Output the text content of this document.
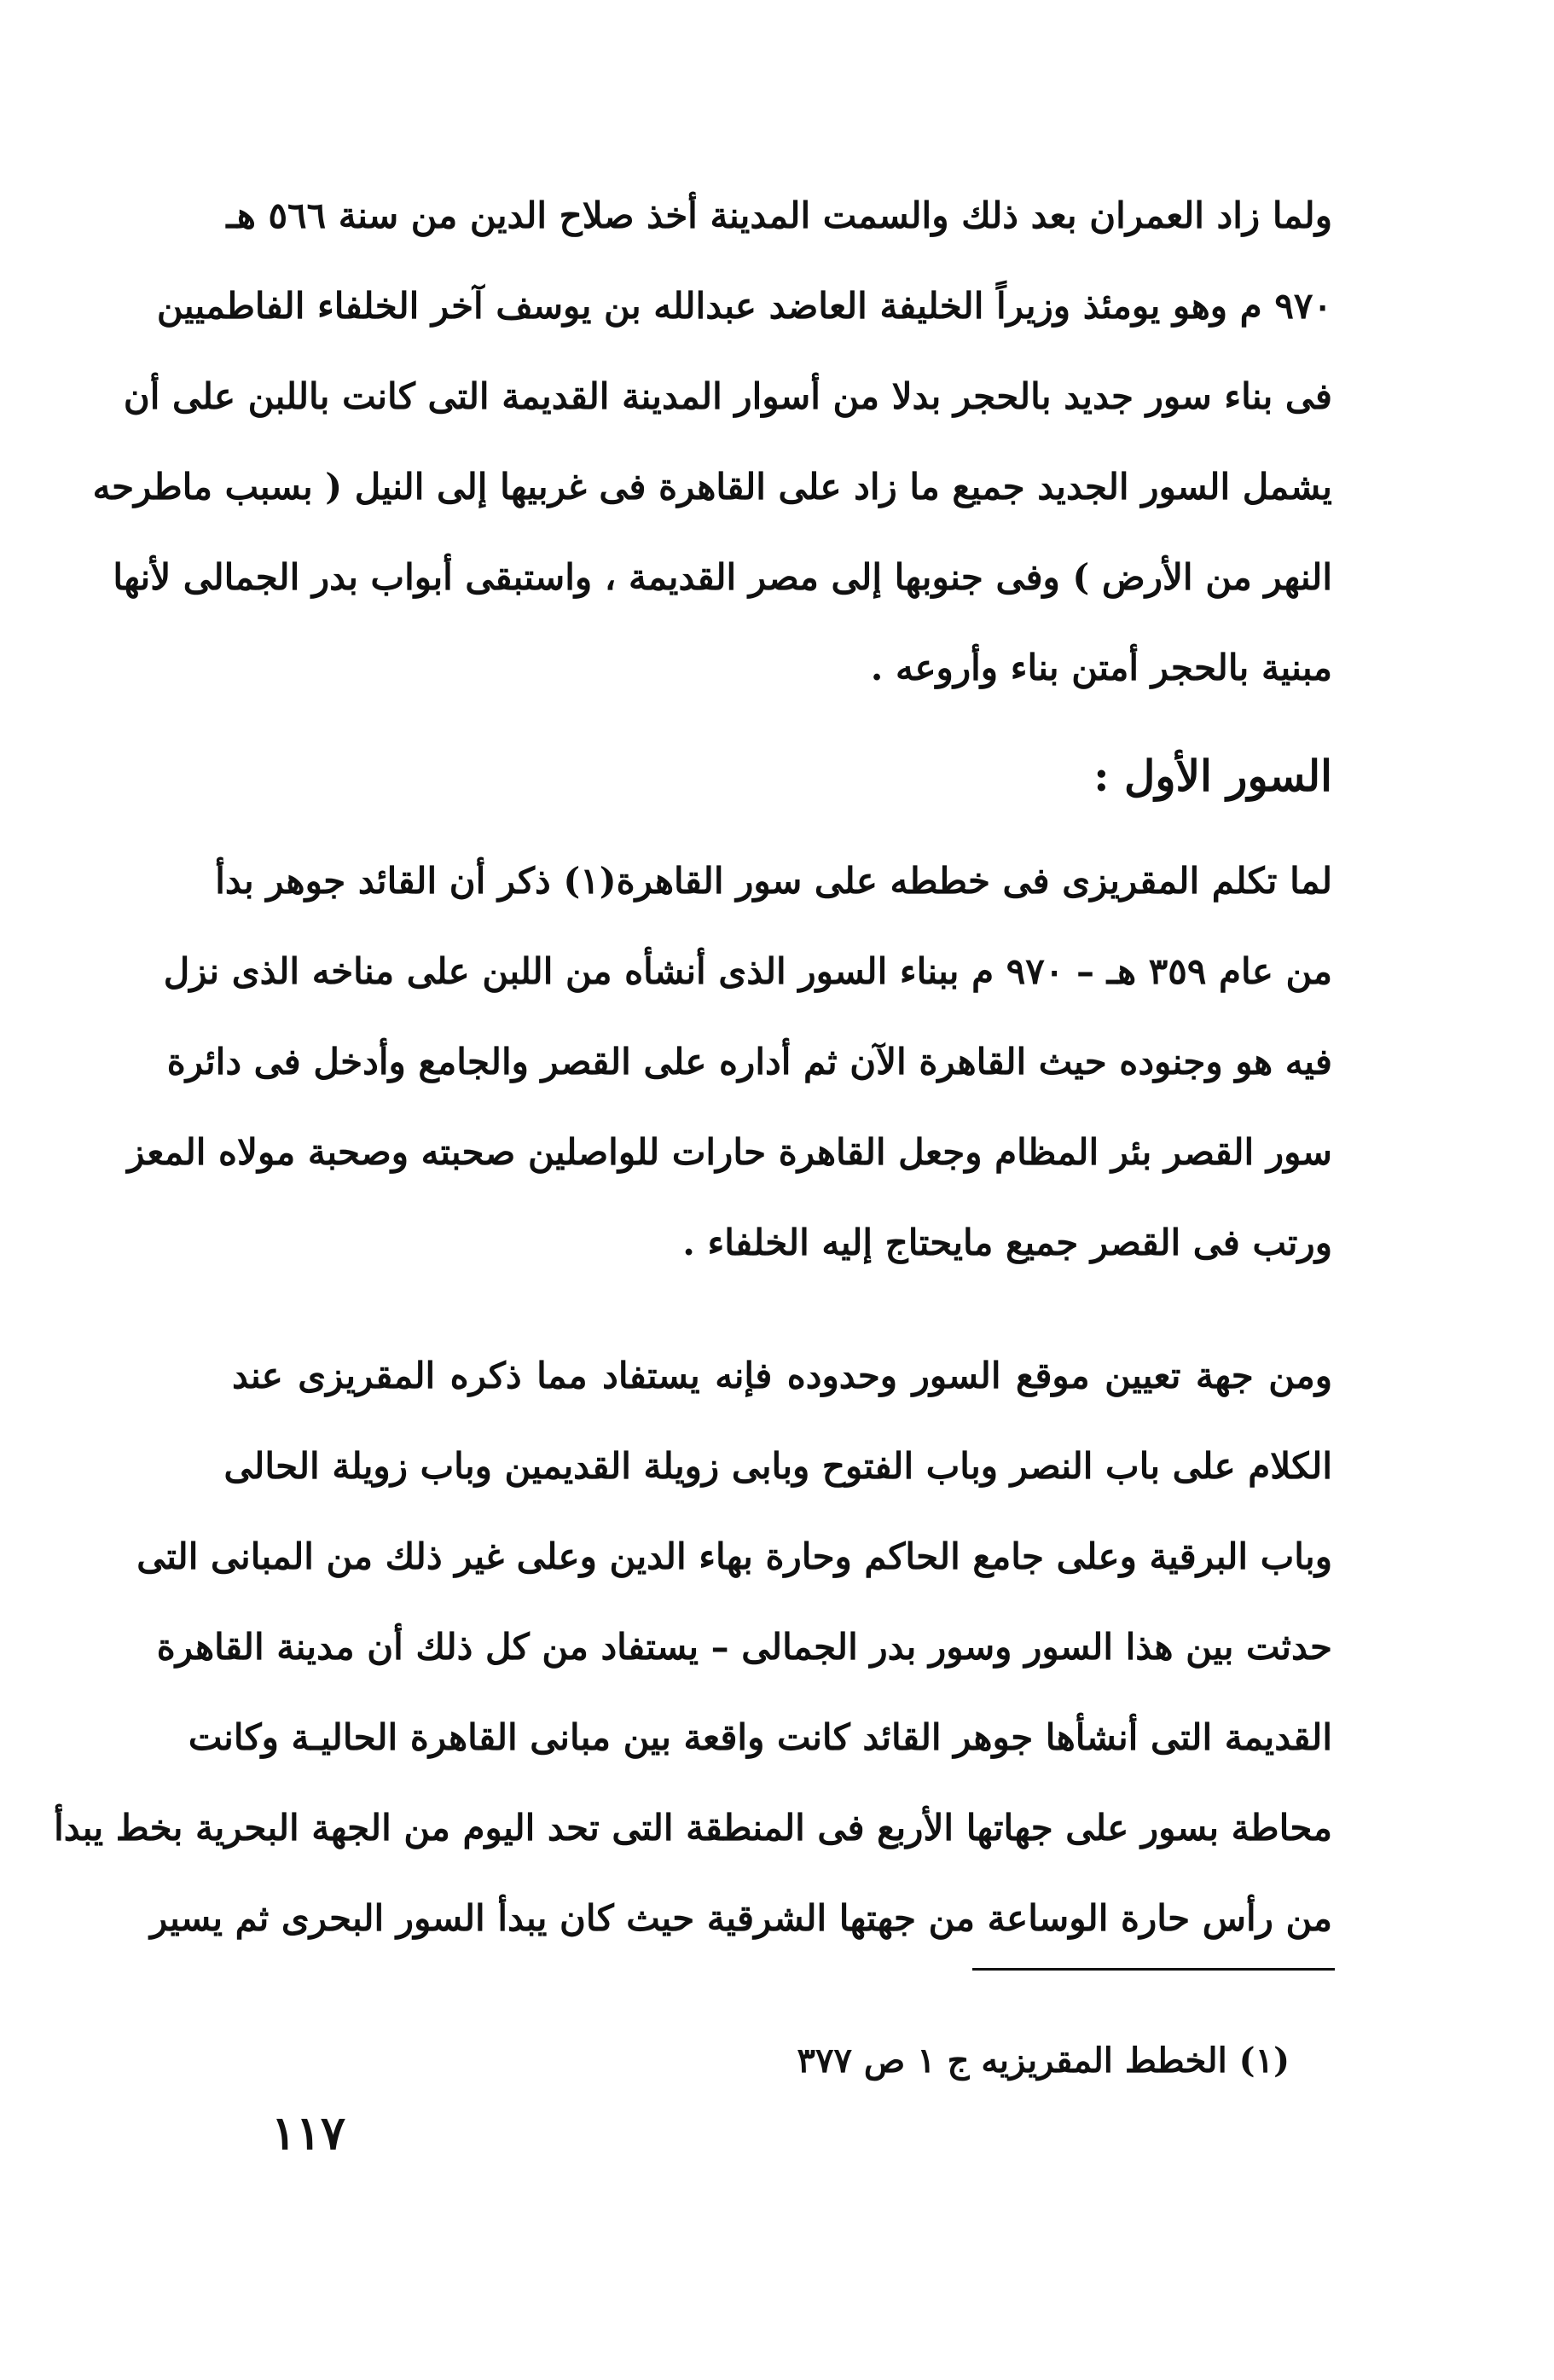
ولما زاد العمران بعد ذلك والسمت المدينة أخذ صلاح الدين من سنة ٥٦٦ هـ
٩٧٠ م وهو يومئذ وزيراً الخليفة العاضد عبدالله بن يوسف آخر الخلفاء الفاطميين
فى بناء سور جديد بالحجر بدلا من أسوار المدينة القديمة التى كانت باللبن على أن
يشمل السور الجديد جميع ما زاد على القاهرة فى غربيها إلى النيل ( بسبب ماطرحه
النهر من الأرض ) وفى جنوبها إلى مصر القديمة ، واستبقى أبواب بدر الجمالى لأنها
مبنية بالحجر أمتن بناء وأروعه .
السور الأول :
لما تكلم المقريزى فى خططه على سور القاهرة(١) ذكر أن القائد جوهر بدأ
من عام ٣٥٩ هـ – ٩٧٠ م ببناء السور الذى أنشأه من اللبن على مناخه الذى نزل
فيه هو وجنوده حيث القاهرة الآن ثم أداره على القصر والجامع وأدخل فى دائرة
سور القصر بئر المظام وجعل القاهرة حارات للواصلين صحبته وصحبة مولاه المعز
ورتب فى القصر جميع مايحتاج إليه الخلفاء .
ومن جهة تعيين موقع السور وحدوده فإنه يستفاد مما ذكره المقريزى عند
الكلام على باب النصر وباب الفتوح وبابى زويلة القديمين وباب زويلة الحالى
وباب البرقية وعلى جامع الحاكم وحارة بهاء الدين وعلى غير ذلك من المبانى التى
حدثت بين هذا السور وسور بدر الجمالى – يستفاد من كل ذلك أن مدينة القاهرة
القديمة التى أنشأها جوهر القائد كانت واقعة بين مبانى القاهرة الحاليـة وكانت
محاطة بسور على جهاتها الأربع فى المنطقة التى تحد اليوم من الجهة البحرية بخط يبدأ
من رأس حارة الوساعة من جهتها الشرقية حيث كان يبدأ السور البحرى ثم يسير
(١) الخطط المقريزيه ج ١ ص ٣٧٧
١١٧
